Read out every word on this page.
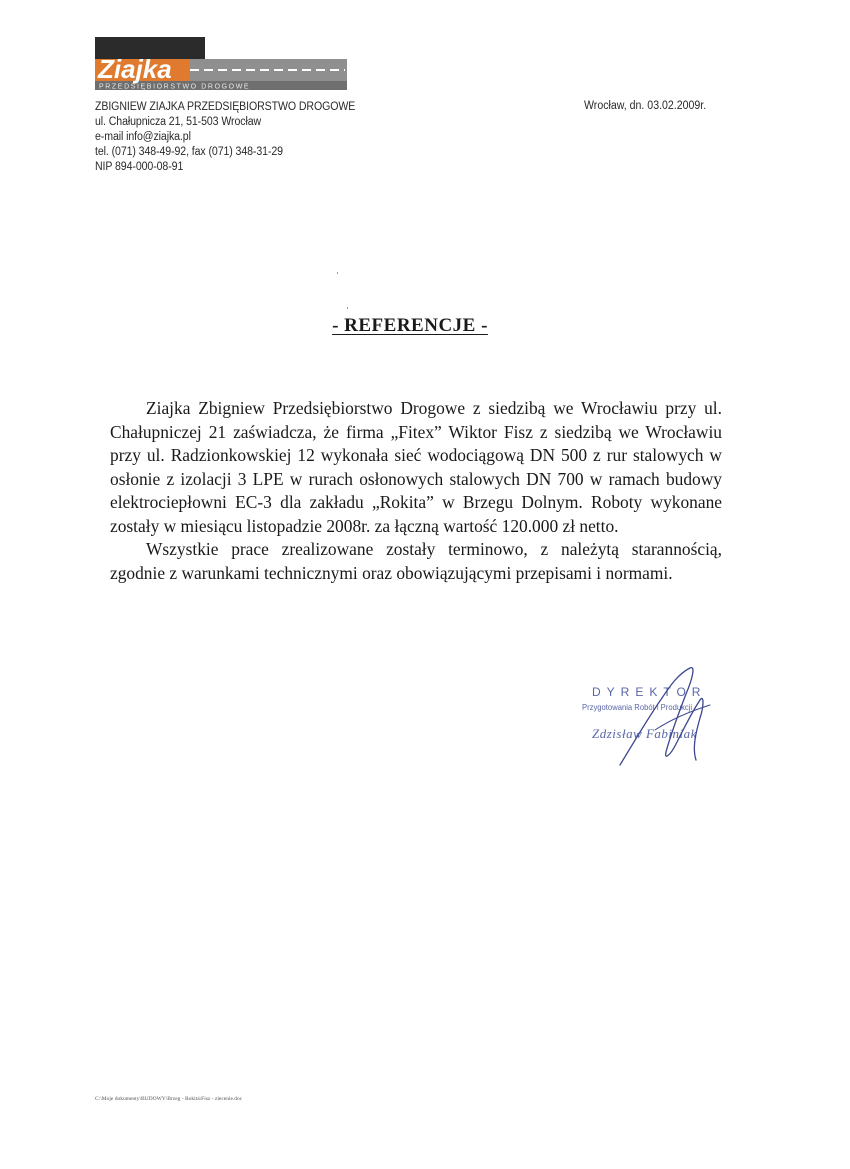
Ziajka
PRZEDSIĘBIORSTWO DROGOWE
ZBIGNIEW ZIAJKA PRZEDSIĘBIORSTWO DROGOWE
ul. Chałupnicza 21, 51-503 Wrocław
e-mail info@ziajka.pl
tel. (071) 348-49-92, fax (071) 348-31-29
NIP 894-000-08-91
Wrocław, dn. 03.02.2009r.
- REFERENCJE -

Ziajka Zbigniew Przedsiębiorstwo Drogowe z siedzibą we Wrocławiu przy ul. Chałupniczej 21 zaświadcza, że firma „Fitex” Wiktor Fisz z siedzibą we Wrocławiu przy ul. Radzionkowskiej 12 wykonała sieć wodociągową DN 500 z rur stalowych w osłonie z izolacji 3 LPE w rurach osłonowych stalowych DN 700 w ramach budowy elektrociepłowni EC-3 dla zakładu „Rokita” w Brzegu Dolnym. Roboty wykonane zostały w miesiącu listopadzie 2008r. za łączną wartość 120.000 zł netto.

Wszystkie prace zrealizowane zostały terminowo, z należytą starannością, zgodnie z warunkami technicznymi oraz obowiązującymi przepisami i normami.

DYREKTOR
Przygotowania Robót i Produkcji
Zdzisław Fabiniak
C:\Moje dokumenty\BUDOWY\Brzeg - Rokita\Fisz - zlecenie.doc
